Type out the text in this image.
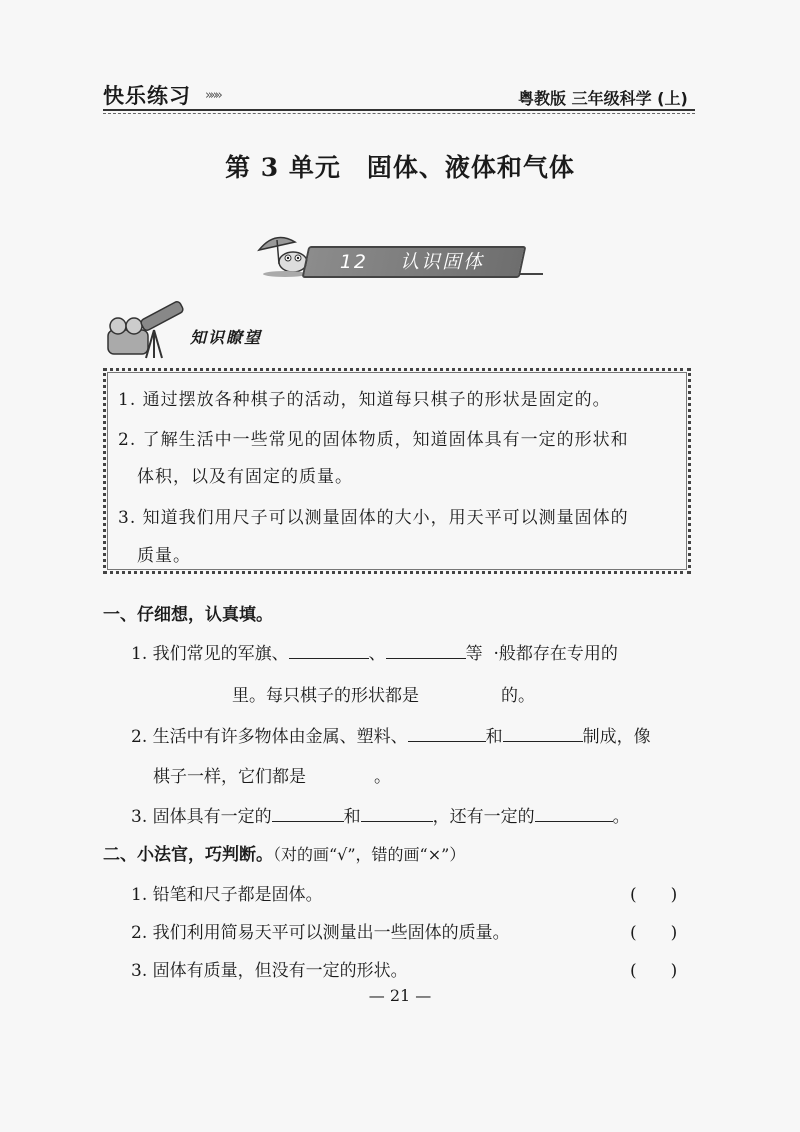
快乐练习 »»»	粤教版 三年级科学 (上)
第 3 单元　固体、液体和气体
12 认识固体
知识瞭望
1. 通过摆放各种棋子的活动，知道每只棋子的形状是固定的。
2. 了解生活中一些常见的固体物质，知道固体具有一定的形状和
体积，以及有固定的质量。
3. 知道我们用尺子可以测量固体的大小，用天平可以测量固体的
质量。
一、仔细想，认真填。
1. 我们常见的军旗、	、	等 ·般都存在专用的
里。每只棋子的形状都是	的。
2. 生活中有许多物体由金属、塑料、	和	制成，像
棋子一样，它们都是	。
3. 固体具有一定的	和	，还有一定的	。
二、小法官，巧判断。（对的画“√”，错的画“×”）
1. 铅笔和尺子都是固体。	(　　)
2. 我们利用简易天平可以测量出一些固体的质量。	(　　)
3. 固体有质量，但没有一定的形状。	(　　)
— 21 —
